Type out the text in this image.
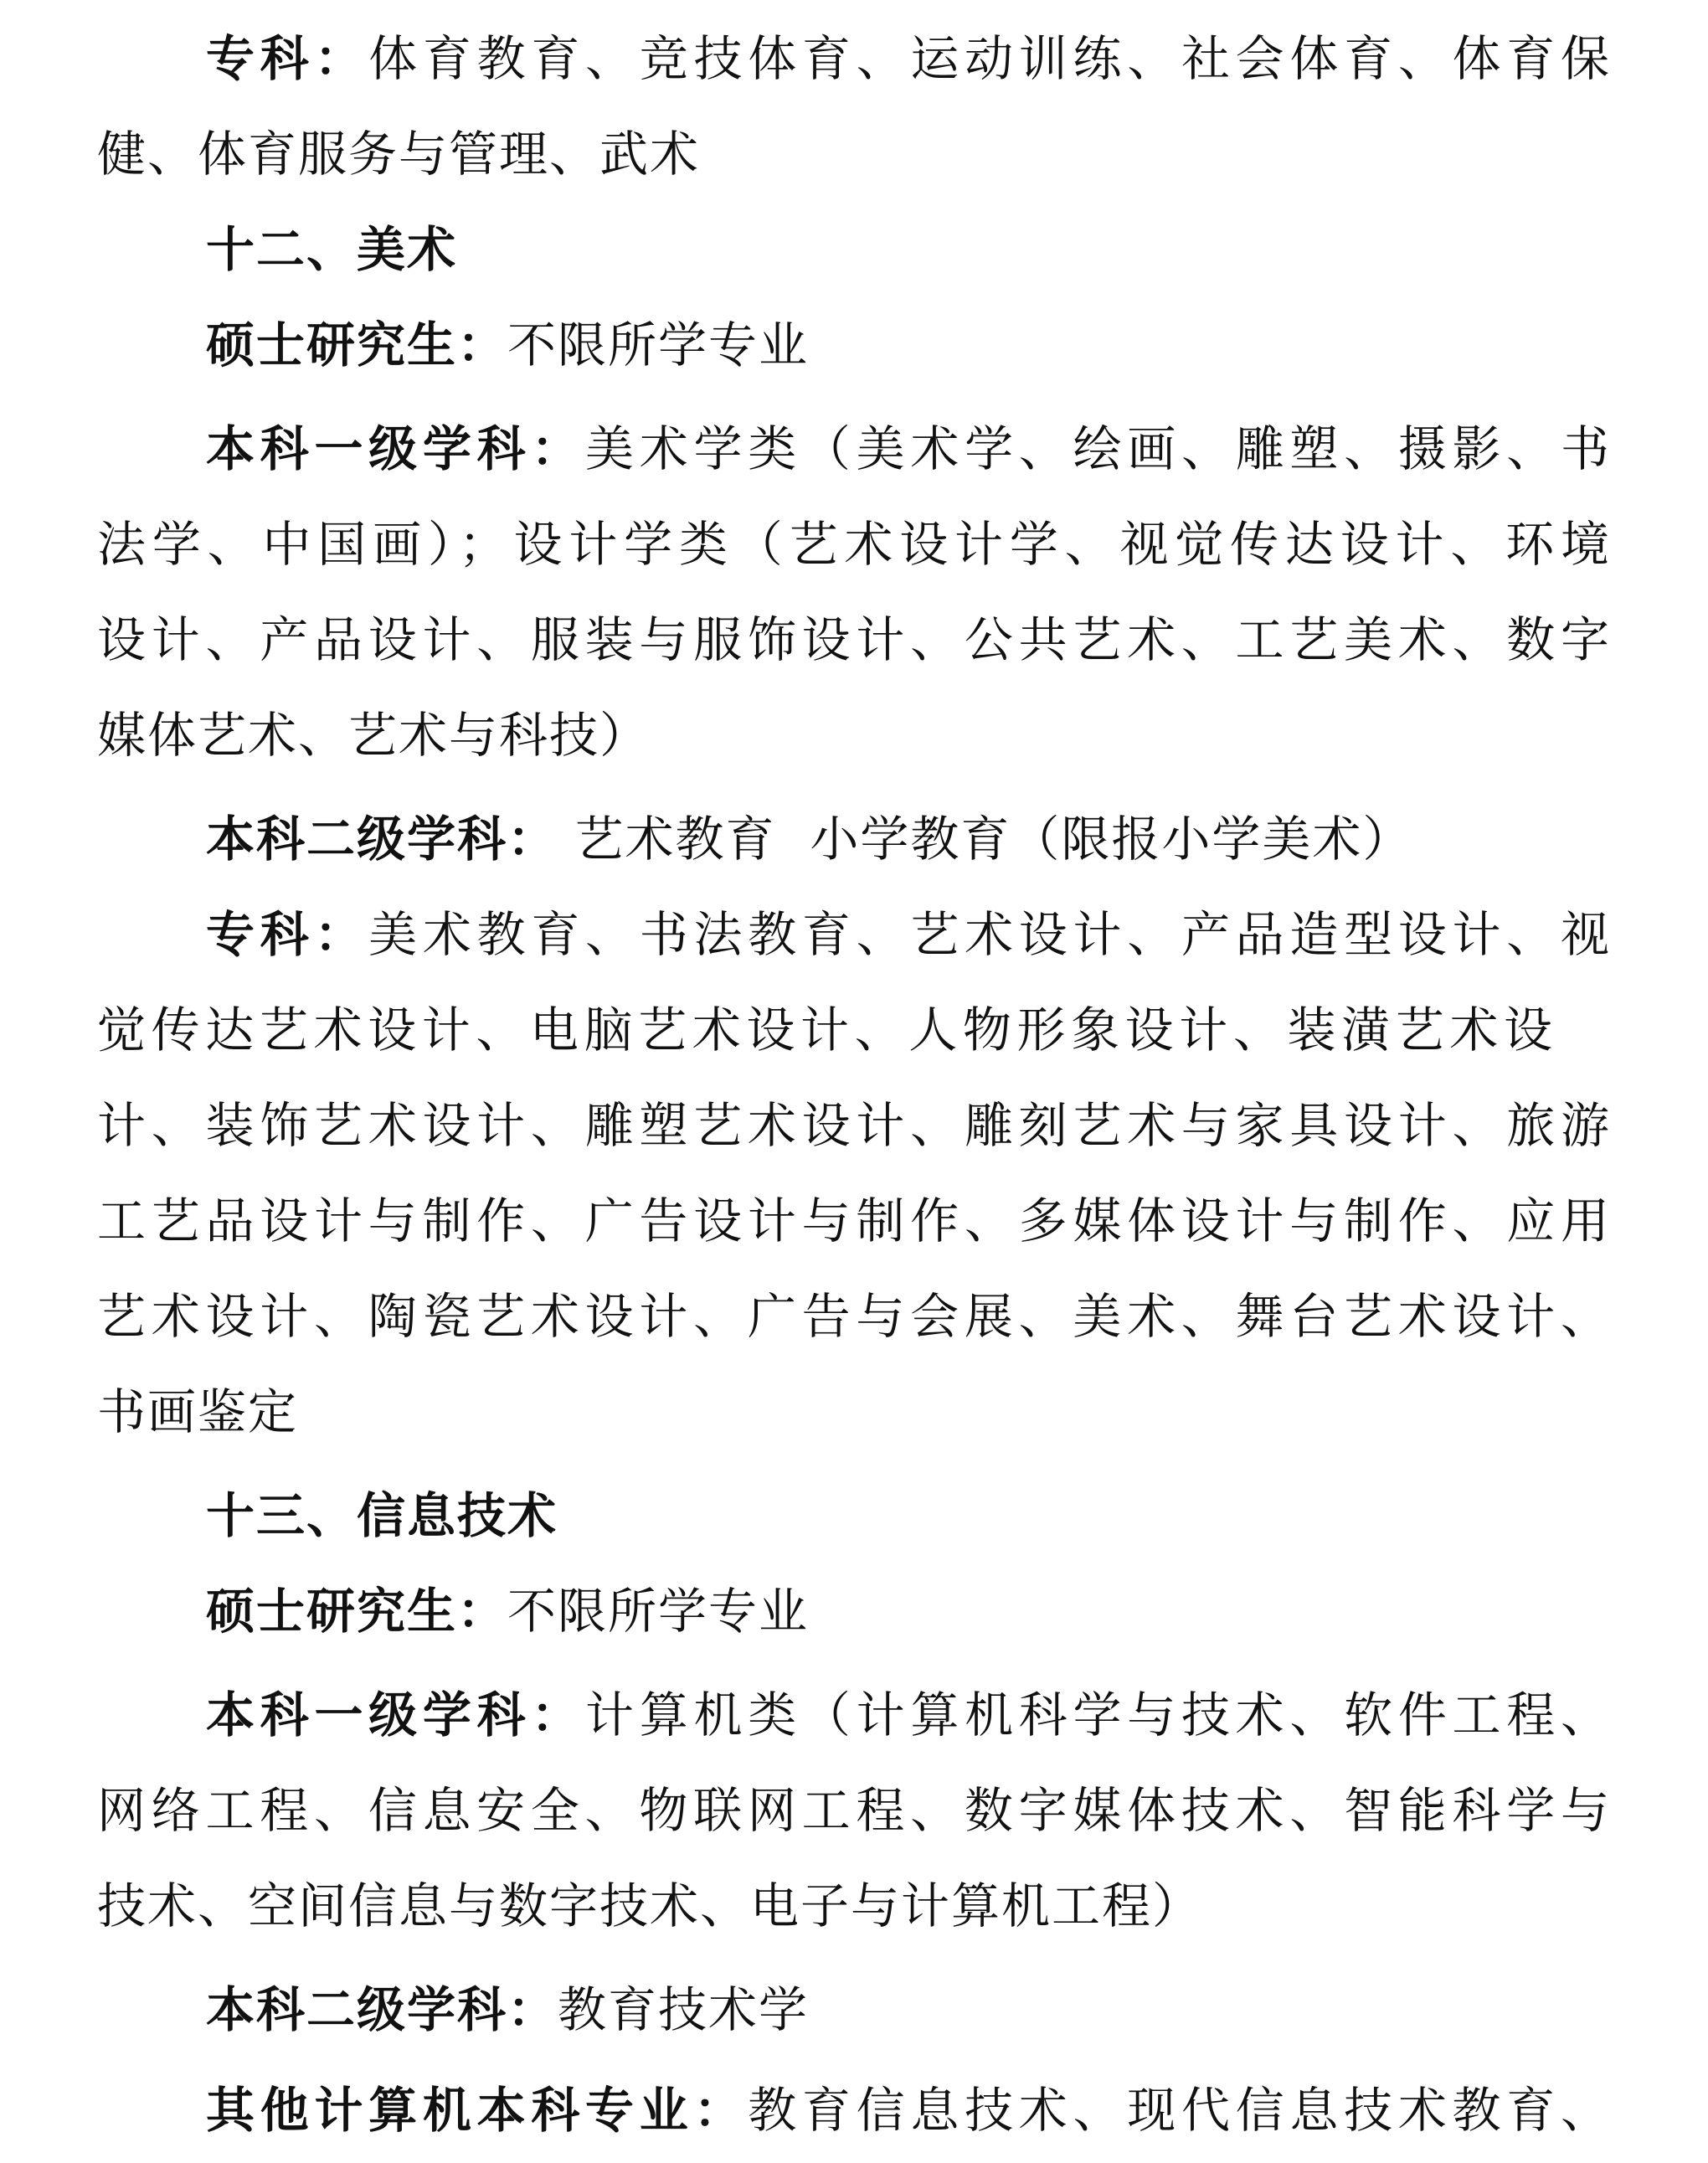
专科：体育教育、竞技体育、运动训练、社会体育、体育保
健、体育服务与管理、武术
十二、美术
硕士研究生：不限所学专业
本科一级学科：美术学类（美术学、绘画、雕塑、摄影、书
法学、中国画）；设计学类（艺术设计学、视觉传达设计、环境
设计、产品设计、服装与服饰设计、公共艺术、工艺美术、数字
媒体艺术、艺术与科技）
本科二级学科： 艺术教育  小学教育（限报小学美术）
专科：美术教育、书法教育、艺术设计、产品造型设计、视
觉传达艺术设计、电脑艺术设计、人物形象设计、装潢艺术设
计、装饰艺术设计、雕塑艺术设计、雕刻艺术与家具设计、旅游
工艺品设计与制作、广告设计与制作、多媒体设计与制作、应用
艺术设计、陶瓷艺术设计、广告与会展、美术、舞台艺术设计、
书画鉴定
十三、信息技术
硕士研究生：不限所学专业
本科一级学科：计算机类（计算机科学与技术、软件工程、
网络工程、信息安全、物联网工程、数字媒体技术、智能科学与
技术、空间信息与数字技术、电子与计算机工程）
本科二级学科：教育技术学
其他计算机本科专业：教育信息技术、现代信息技术教育、
